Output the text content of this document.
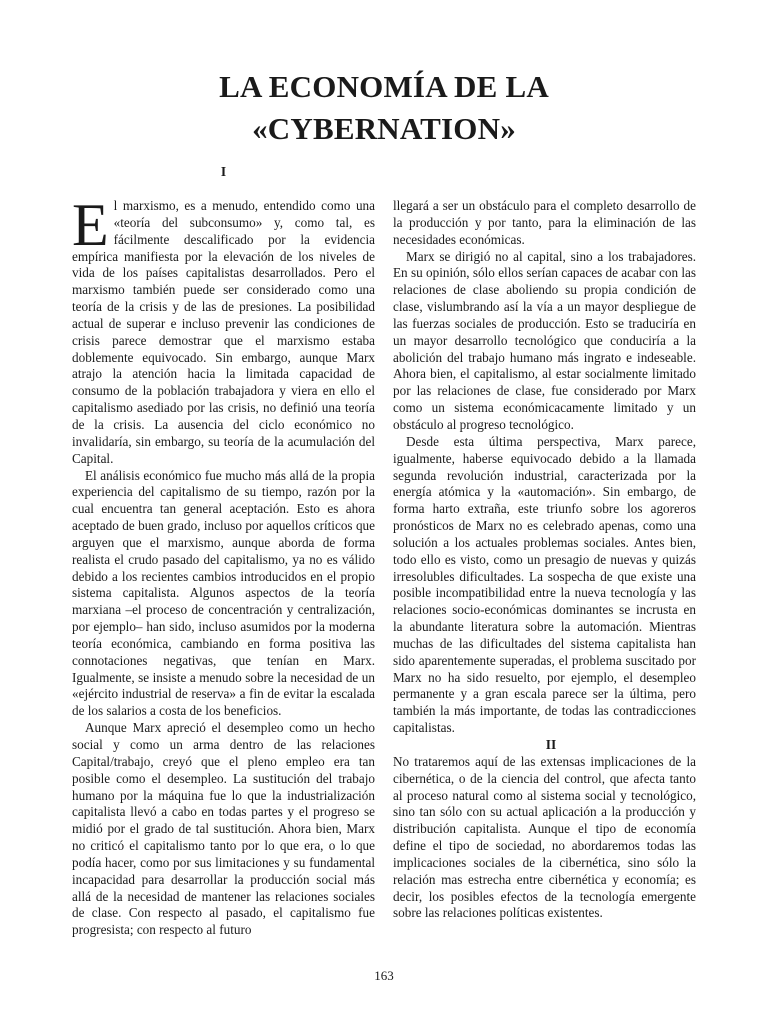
LA ECONOMÍA DE LA
«CYBERNATION»

I

El marxismo, es a menudo, entendido como una «teoría del subconsumo» y, como tal, es fácilmente descalificado por la evidencia empírica manifiesta por la elevación de los niveles de vida de los países capitalistas desarrollados. Pero el marxismo también puede ser considerado como una teoría de la crisis y de las de presiones. La posibilidad actual de superar e incluso prevenir las condiciones de crisis parece demostrar que el marxismo estaba doblemente equivocado. Sin embargo, aunque Marx atrajo la atención hacia la limitada capacidad de consumo de la población trabajadora y viera en ello el capitalismo asediado por las crisis, no definió una teoría de la crisis. La ausencia del ciclo económico no invalidaría, sin embargo, su teoría de la acumulación del Capital.

El análisis económico fue mucho más allá de la propia experiencia del capitalismo de su tiempo, razón por la cual encuentra tan general aceptación. Esto es ahora aceptado de buen grado, incluso por aquellos críticos que arguyen que el marxismo, aunque aborda de forma realista el crudo pasado del capitalismo, ya no es válido debido a los recientes cambios introducidos en el propio sistema capitalista. Algunos aspectos de la teoría marxiana –el proceso de concentración y centralización, por ejemplo– han sido, incluso asumidos por la moderna teoría económica, cambiando en forma positiva las connotaciones negativas, que tenían en Marx. Igualmente, se insiste a menudo sobre la necesidad de un «ejército industrial de reserva» a fin de evitar la escalada de los salarios a costa de los beneficios.

Aunque Marx apreció el desempleo como un hecho social y como un arma dentro de las relaciones Capital/trabajo, creyó que el pleno empleo era tan posible como el desempleo. La sustitución del trabajo humano por la máquina fue lo que la industrialización capitalista llevó a cabo en todas partes y el progreso se midió por el grado de tal sustitución. Ahora bien, Marx no criticó el capitalismo tanto por lo que era, o lo que podía hacer, como por sus limitaciones y su fundamental incapacidad para desarrollar la producción social más allá de la necesidad de mantener las relaciones sociales de clase. Con respecto al pasado, el capitalismo fue progresista; con respecto al futuro

llegará a ser un obstáculo para el completo desarrollo de la producción y por tanto, para la eliminación de las necesidades económicas.

Marx se dirigió no al capital, sino a los trabajadores. En su opinión, sólo ellos serían capaces de acabar con las relaciones de clase aboliendo su propia condición de clase, vislumbrando así la vía a un mayor despliegue de las fuerzas sociales de producción. Esto se traduciría en un mayor desarrollo tecnológico que conduciría a la abolición del trabajo humano más ingrato e indeseable. Ahora bien, el capitalismo, al estar socialmente limitado por las relaciones de clase, fue considerado por Marx como un sistema económicacamente limitado y un obstáculo al progreso tecnológico.

Desde esta última perspectiva, Marx parece, igualmente, haberse equivocado debido a la llamada segunda revolución industrial, caracterizada por la energía atómica y la «automación». Sin embargo, de forma harto extraña, este triunfo sobre los agoreros pronósticos de Marx no es celebrado apenas, como una solución a los actuales problemas sociales. Antes bien, todo ello es visto, como un presagio de nuevas y quizás irresolubles dificultades. La sospecha de que existe una posible incompatibilidad entre la nueva tecnología y las relaciones socio-económicas dominantes se incrusta en la abundante literatura sobre la automación. Mientras muchas de las dificultades del sistema capitalista han sido aparentemente superadas, el problema suscitado por Marx no ha sido resuelto, por ejemplo, el desempleo permanente y a gran escala parece ser la última, pero también la más importante, de todas las contradicciones capitalistas.

II

No trataremos aquí de las extensas implicaciones de la cibernética, o de la ciencia del control, que afecta tanto al proceso natural como al sistema social y tecnológico, sino tan sólo con su actual aplicación a la producción y distribución capitalista. Aunque el tipo de economía define el tipo de sociedad, no abordaremos todas las implicaciones sociales de la cibernética, sino sólo la relación mas estrecha entre cibernética y economía; es decir, los posibles efectos de la tecnología emergente sobre las relaciones políticas existentes.

163
